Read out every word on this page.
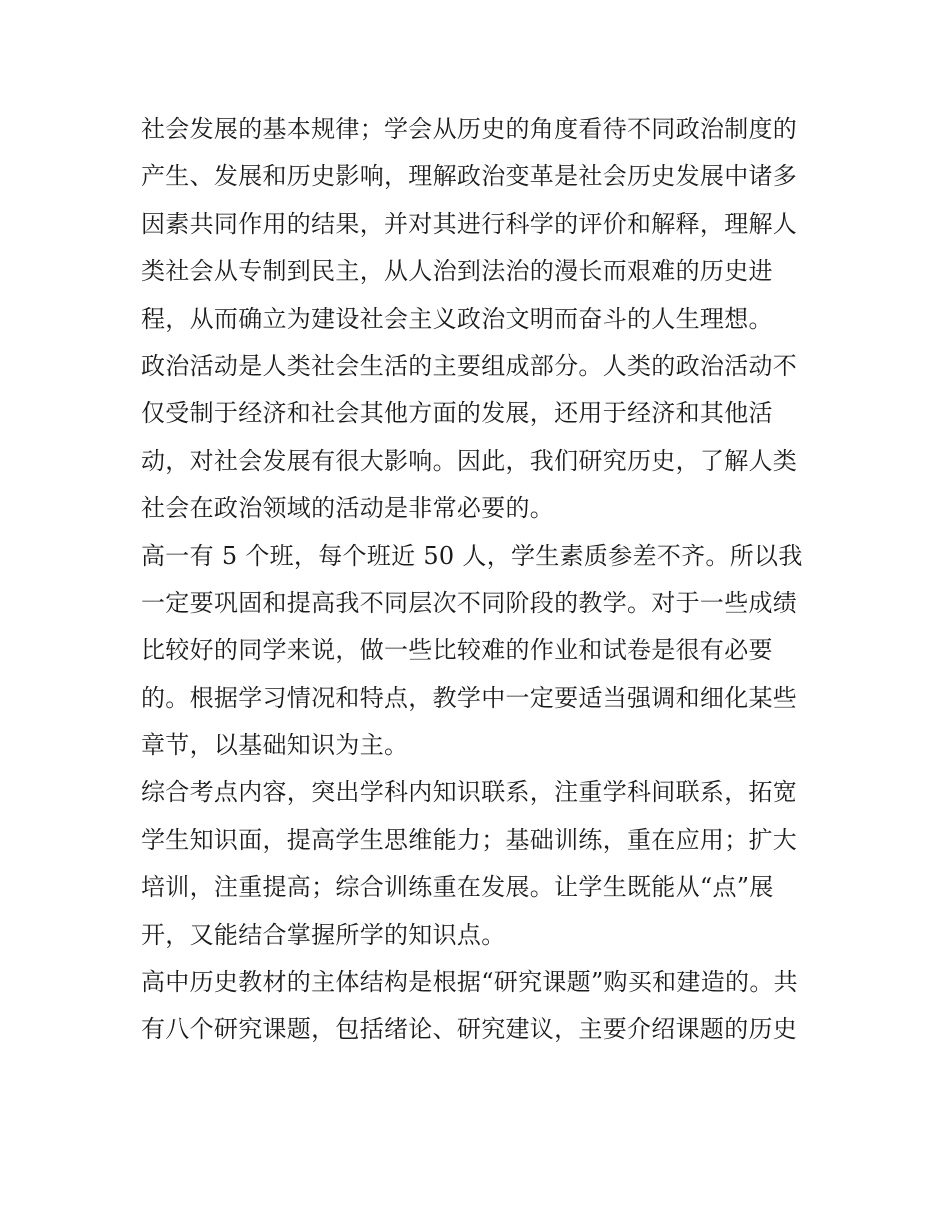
社会发展的基本规律；学会从历史的角度看待不同政治制度的
产生、发展和历史影响，理解政治变革是社会历史发展中诸多
因素共同作用的结果，并对其进行科学的评价和解释，理解人
类社会从专制到民主，从人治到法治的漫长而艰难的历史进
程，从而确立为建设社会主义政治文明而奋斗的人生理想。
政治活动是人类社会生活的主要组成部分。人类的政治活动不
仅受制于经济和社会其他方面的发展，还用于经济和其他活
动，对社会发展有很大影响。因此，我们研究历史，了解人类
社会在政治领域的活动是非常必要的。
高一有 5 个班，每个班近 50 人，学生素质参差不齐。所以我
一定要巩固和提高我不同层次不同阶段的教学。对于一些成绩
比较好的同学来说，做一些比较难的作业和试卷是很有必要
的。根据学习情况和特点，教学中一定要适当强调和细化某些
章节，以基础知识为主。
综合考点内容，突出学科内知识联系，注重学科间联系，拓宽
学生知识面，提高学生思维能力；基础训练，重在应用；扩大
培训，注重提高；综合训练重在发展。让学生既能从“点”展
开，又能结合掌握所学的知识点。
高中历史教材的主体结构是根据“研究课题”购买和建造的。共
有八个研究课题，包括绪论、研究建议，主要介绍课题的历史
